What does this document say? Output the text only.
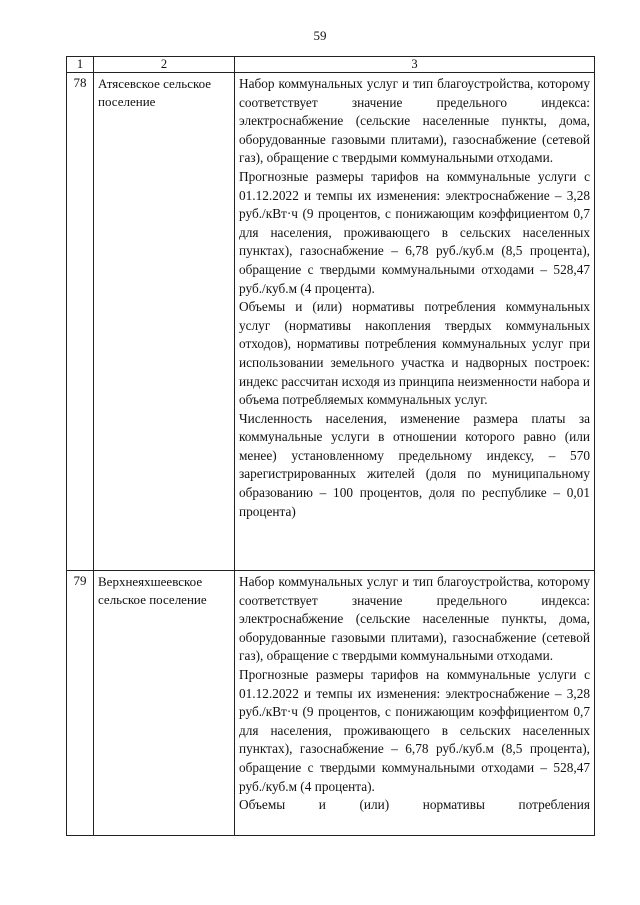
59
1	2	3
78	Атясевское сельское поселение	Набор коммунальных услуг и тип благоустройства, которому соответствует значение предельного индекса: электроснабжение (сельские населенные пункты, дома, оборудованные газовыми плитами), газоснабжение (сетевой газ), обращение с твердыми коммунальными отходами.

Прогнозные размеры тарифов на коммунальные услуги с 01.12.2022 и темпы их изменения: электроснабжение – 3,28 руб./кВт·ч (9 процентов, с понижающим коэффициентом 0,7 для населения, проживающего в сельских населенных пунктах), газоснабжение – 6,78 руб./куб.м (8,5 процента), обращение с твердыми коммунальными отходами – 528,47 руб./куб.м (4 процента).

Объемы и (или) нормативы потребления коммунальных услуг (нормативы накопления твердых коммунальных отходов), нормативы потребления коммунальных услуг при использовании земельного участка и надворных построек: индекс рассчитан исходя из принципа неизменности набора и объема потребляемых коммунальных услуг.

Численность населения, изменение размера платы за коммунальные услуги в отношении которого равно (или менее) установленному предельному индексу, – 570 зарегистрированных жителей (доля по муниципальному образованию – 100 процентов, доля по республике – 0,01 процента)

79	Верхнеяхшеевское сельское поселение	Набор коммунальных услуг и тип благоустройства, которому соответствует значение предельного индекса: электроснабжение (сельские населенные пункты, дома, оборудованные газовыми плитами), газоснабжение (сетевой газ), обращение с твердыми коммунальными отходами.

Прогнозные размеры тарифов на коммунальные услуги с 01.12.2022 и темпы их изменения: электроснабжение – 3,28 руб./кВт·ч (9 процентов, с понижающим коэффициентом 0,7 для населения, проживающего в сельских населенных пунктах), газоснабжение – 6,78 руб./куб.м (8,5 процента), обращение с твердыми коммунальными отходами – 528,47 руб./куб.м (4 процента).

Объемы и (или) нормативы потребления
